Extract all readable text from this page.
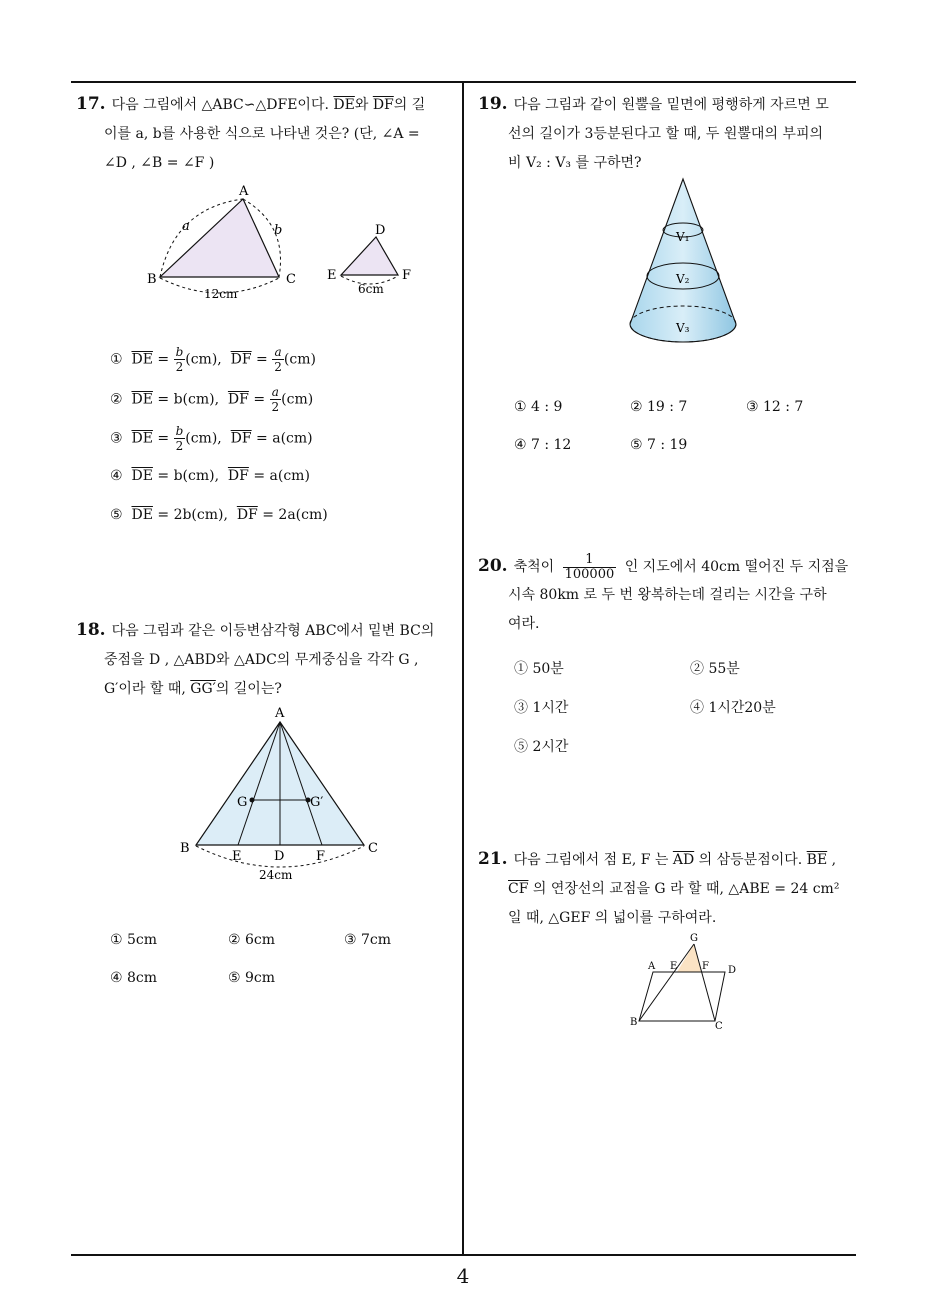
4
17. 다음 그림에서 △ABC∽△DFE이다. $\overline{DE}$와 $\overline{DF}$의 길
이를 a, b를 사용한 식으로 나타낸 것은? (단, ∠A =
∠D , ∠B = ∠F )
A
B	C
a	b
12cm
D
E	F
6cm
① $\overline{DE} = \frac{b}{2} (cm)$,  $\overline{DF} = \frac{a}{2} (cm)$
② $\overline{DE} = b(cm)$, $\overline{DF} = \frac{a}{2} (cm)$
③ $\overline{DE} = \frac{b}{2} (cm)$,  $\overline{DF} = a(cm)$
④ $\overline{DE} = b(cm)$, $\overline{DF} = a(cm)$
⑤ $\overline{DE} = 2b(cm)$, $\overline{DF} = 2a(cm)$
18. 다음 그림과 같은 이등변삼각형 ABC에서 밑변 BC의
중점을 D , △ABD와 △ADC의 무게중심을 각각 G ,
G′이라 할 때, GG′의 길이는?
A
B	C
E	D F
G	G′
24cm
① 5cm	② 6cm	③ 7cm
④ 8cm	⑤ 9cm
19. 다음 그림과 같이 원뿔을 밑면에 평행하게 자르면 모
선의 길이가 3등분된다고 할 때, 두 원뿔대의 부피의
비 V₂ : V₃ 를 구하면?
V₁
V₂
V₃
① 4 : 9	② 19 : 7	③ 12 : 7
④ 7 : 12	⑤ 7 : 19
20. 축척이 $\frac{1}{100000}$ 인 지도에서 40cm 떨어진 두 지점을
시속 80km 로 두 번 왕복하는데 걸리는 시간을 구하
여라.
① 50분	② 55분
③ 1시간	④ 1시간20분
⑤ 2시간
21. 다음 그림에서 점 E, F 는 $\overline{AD}$ 의 삼등분점이다. $\overline{BE}$ ,
$\overline{CF}$ 의 연장선의 교점을 G 라 할 때, △ABE = 24 cm²
일 때, △GEF 의 넓이를 구하여라.
G
A E F D
B	C
